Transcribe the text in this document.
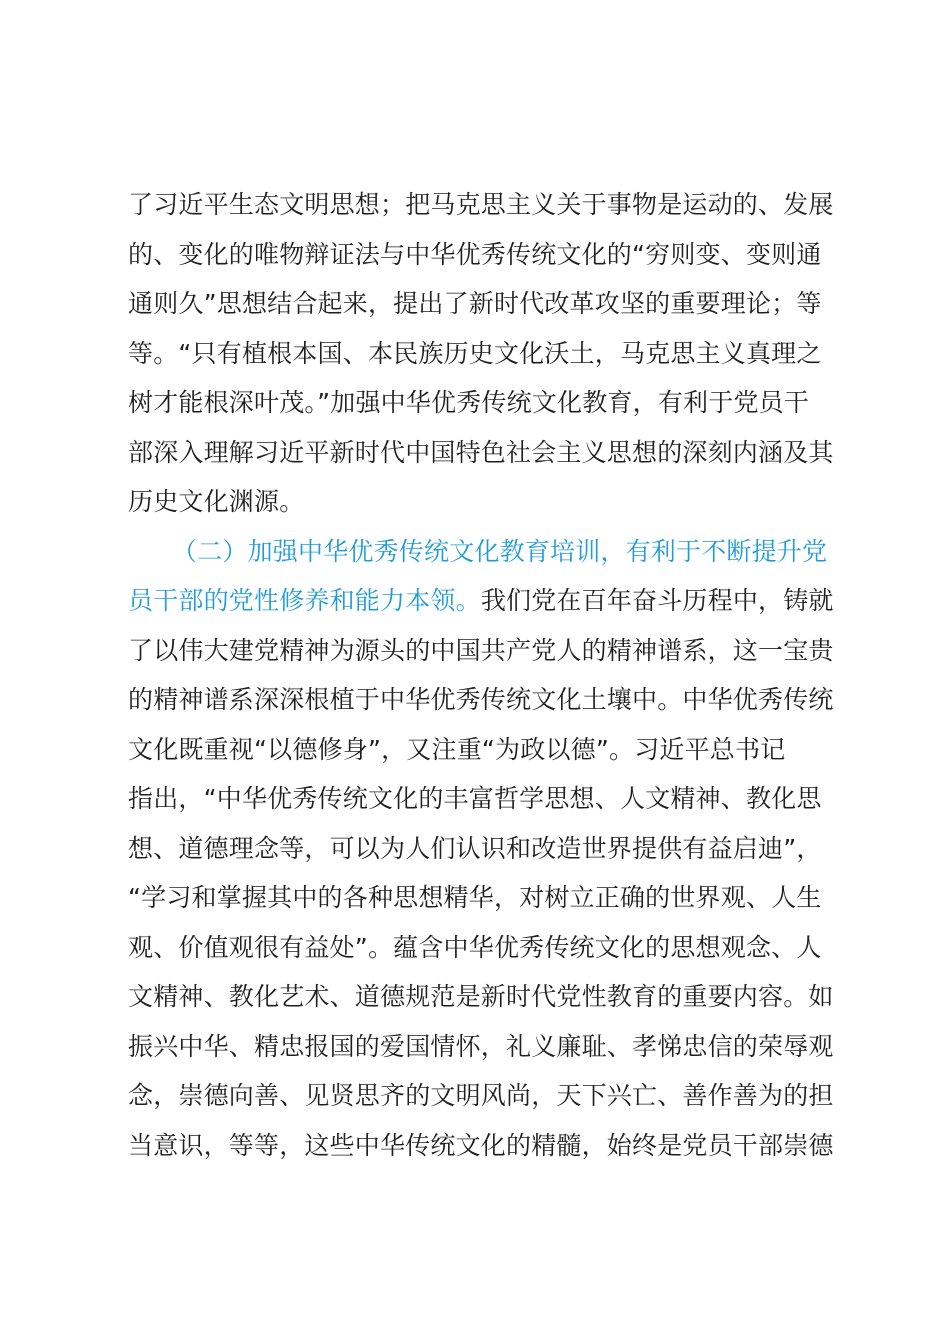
了习近平生态文明思想；把马克思主义关于事物是运动的、发展
的、变化的唯物辩证法与中华优秀传统文化的“穷则变、变则通
通则久”思想结合起来，提出了新时代改革攻坚的重要理论；等
等。“只有植根本国、本民族历史文化沃土，马克思主义真理之
树才能根深叶茂。”加强中华优秀传统文化教育，有利于党员干
部深入理解习近平新时代中国特色社会主义思想的深刻内涵及其
历史文化渊源。
（二）加强中华优秀传统文化教育培训，有利于不断提升党
员干部的党性修养和能力本领。我们党在百年奋斗历程中，铸就
了以伟大建党精神为源头的中国共产党人的精神谱系，这一宝贵
的精神谱系深深根植于中华优秀传统文化土壤中。中华优秀传统
文化既重视“以德修身”，又注重“为政以德”。习近平总书记
指出，“中华优秀传统文化的丰富哲学思想、人文精神、教化思
想、道德理念等，可以为人们认识和改造世界提供有益启迪”，
“学习和掌握其中的各种思想精华，对树立正确的世界观、人生
观、价值观很有益处”。蕴含中华优秀传统文化的思想观念、人
文精神、教化艺术、道德规范是新时代党性教育的重要内容。如
振兴中华、精忠报国的爱国情怀，礼义廉耻、孝悌忠信的荣辱观
念，崇德向善、见贤思齐的文明风尚，天下兴亡、善作善为的担
当意识，等等，这些中华传统文化的精髓，始终是党员干部崇德
